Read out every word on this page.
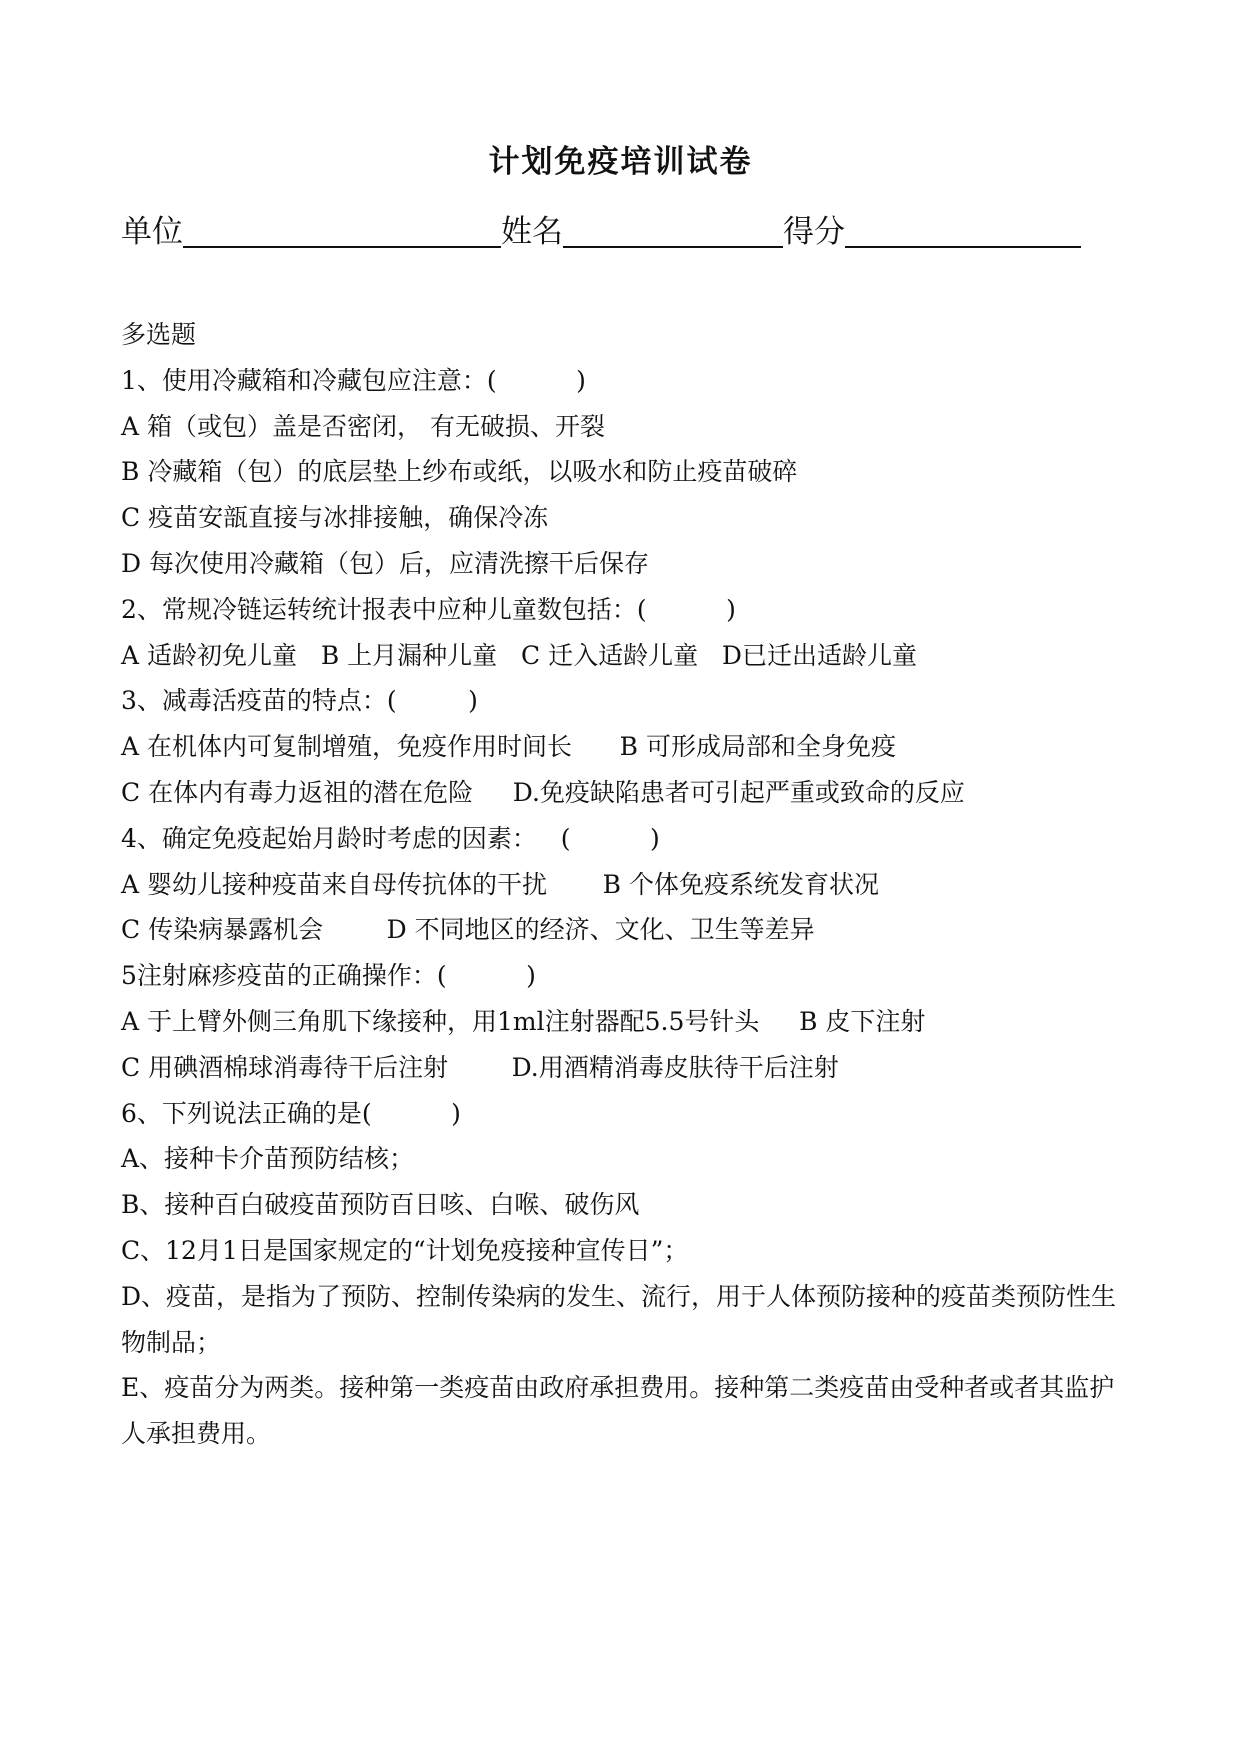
计划免疫培训试卷
单位	姓名	得分
多选题
1、使用冷藏箱和冷藏包应注意：(          )
A 箱（或包）盖是否密闭， 有无破损、开裂
B 冷藏箱（包）的底层垫上纱布或纸，以吸水和防止疫苗破碎
C 疫苗安瓿直接与冰排接触，确保冷冻
D 每次使用冷藏箱（包）后，应清洗擦干后保存
2、常规冷链运转统计报表中应种儿童数包括：(          )
A 适龄初免儿童   B 上月漏种儿童   C 迁入适龄儿童   D已迁出适龄儿童
3、减毒活疫苗的特点：(         )
A 在机体内可复制增殖，免疫作用时间长      B 可形成局部和全身免疫
C 在体内有毒力返祖的潜在危险     D.免疫缺陷患者可引起严重或致命的反应
4、确定免疫起始月龄时考虑的因素：   (          )
A 婴幼儿接种疫苗来自母传抗体的干扰       B 个体免疫系统发育状况
C 传染病暴露机会        D 不同地区的经济、文化、卫生等差异
5注射麻疹疫苗的正确操作：(          )
A 于上臂外侧三角肌下缘接种，用1ml注射器配5.5号针头     B 皮下注射
C 用碘酒棉球消毒待干后注射        D.用酒精消毒皮肤待干后注射
6、下列说法正确的是(          )
A、接种卡介苗预防结核；
B、接种百白破疫苗预防百日咳、白喉、破伤风
C、12月1日是国家规定的“计划免疫接种宣传日”；
D、疫苗，是指为了预防、控制传染病的发生、流行，用于人体预防接种的疫苗类预防性生物制品；
E、疫苗分为两类。接种第一类疫苗由政府承担费用。接种第二类疫苗由受种者或者其监护人承担费用。
